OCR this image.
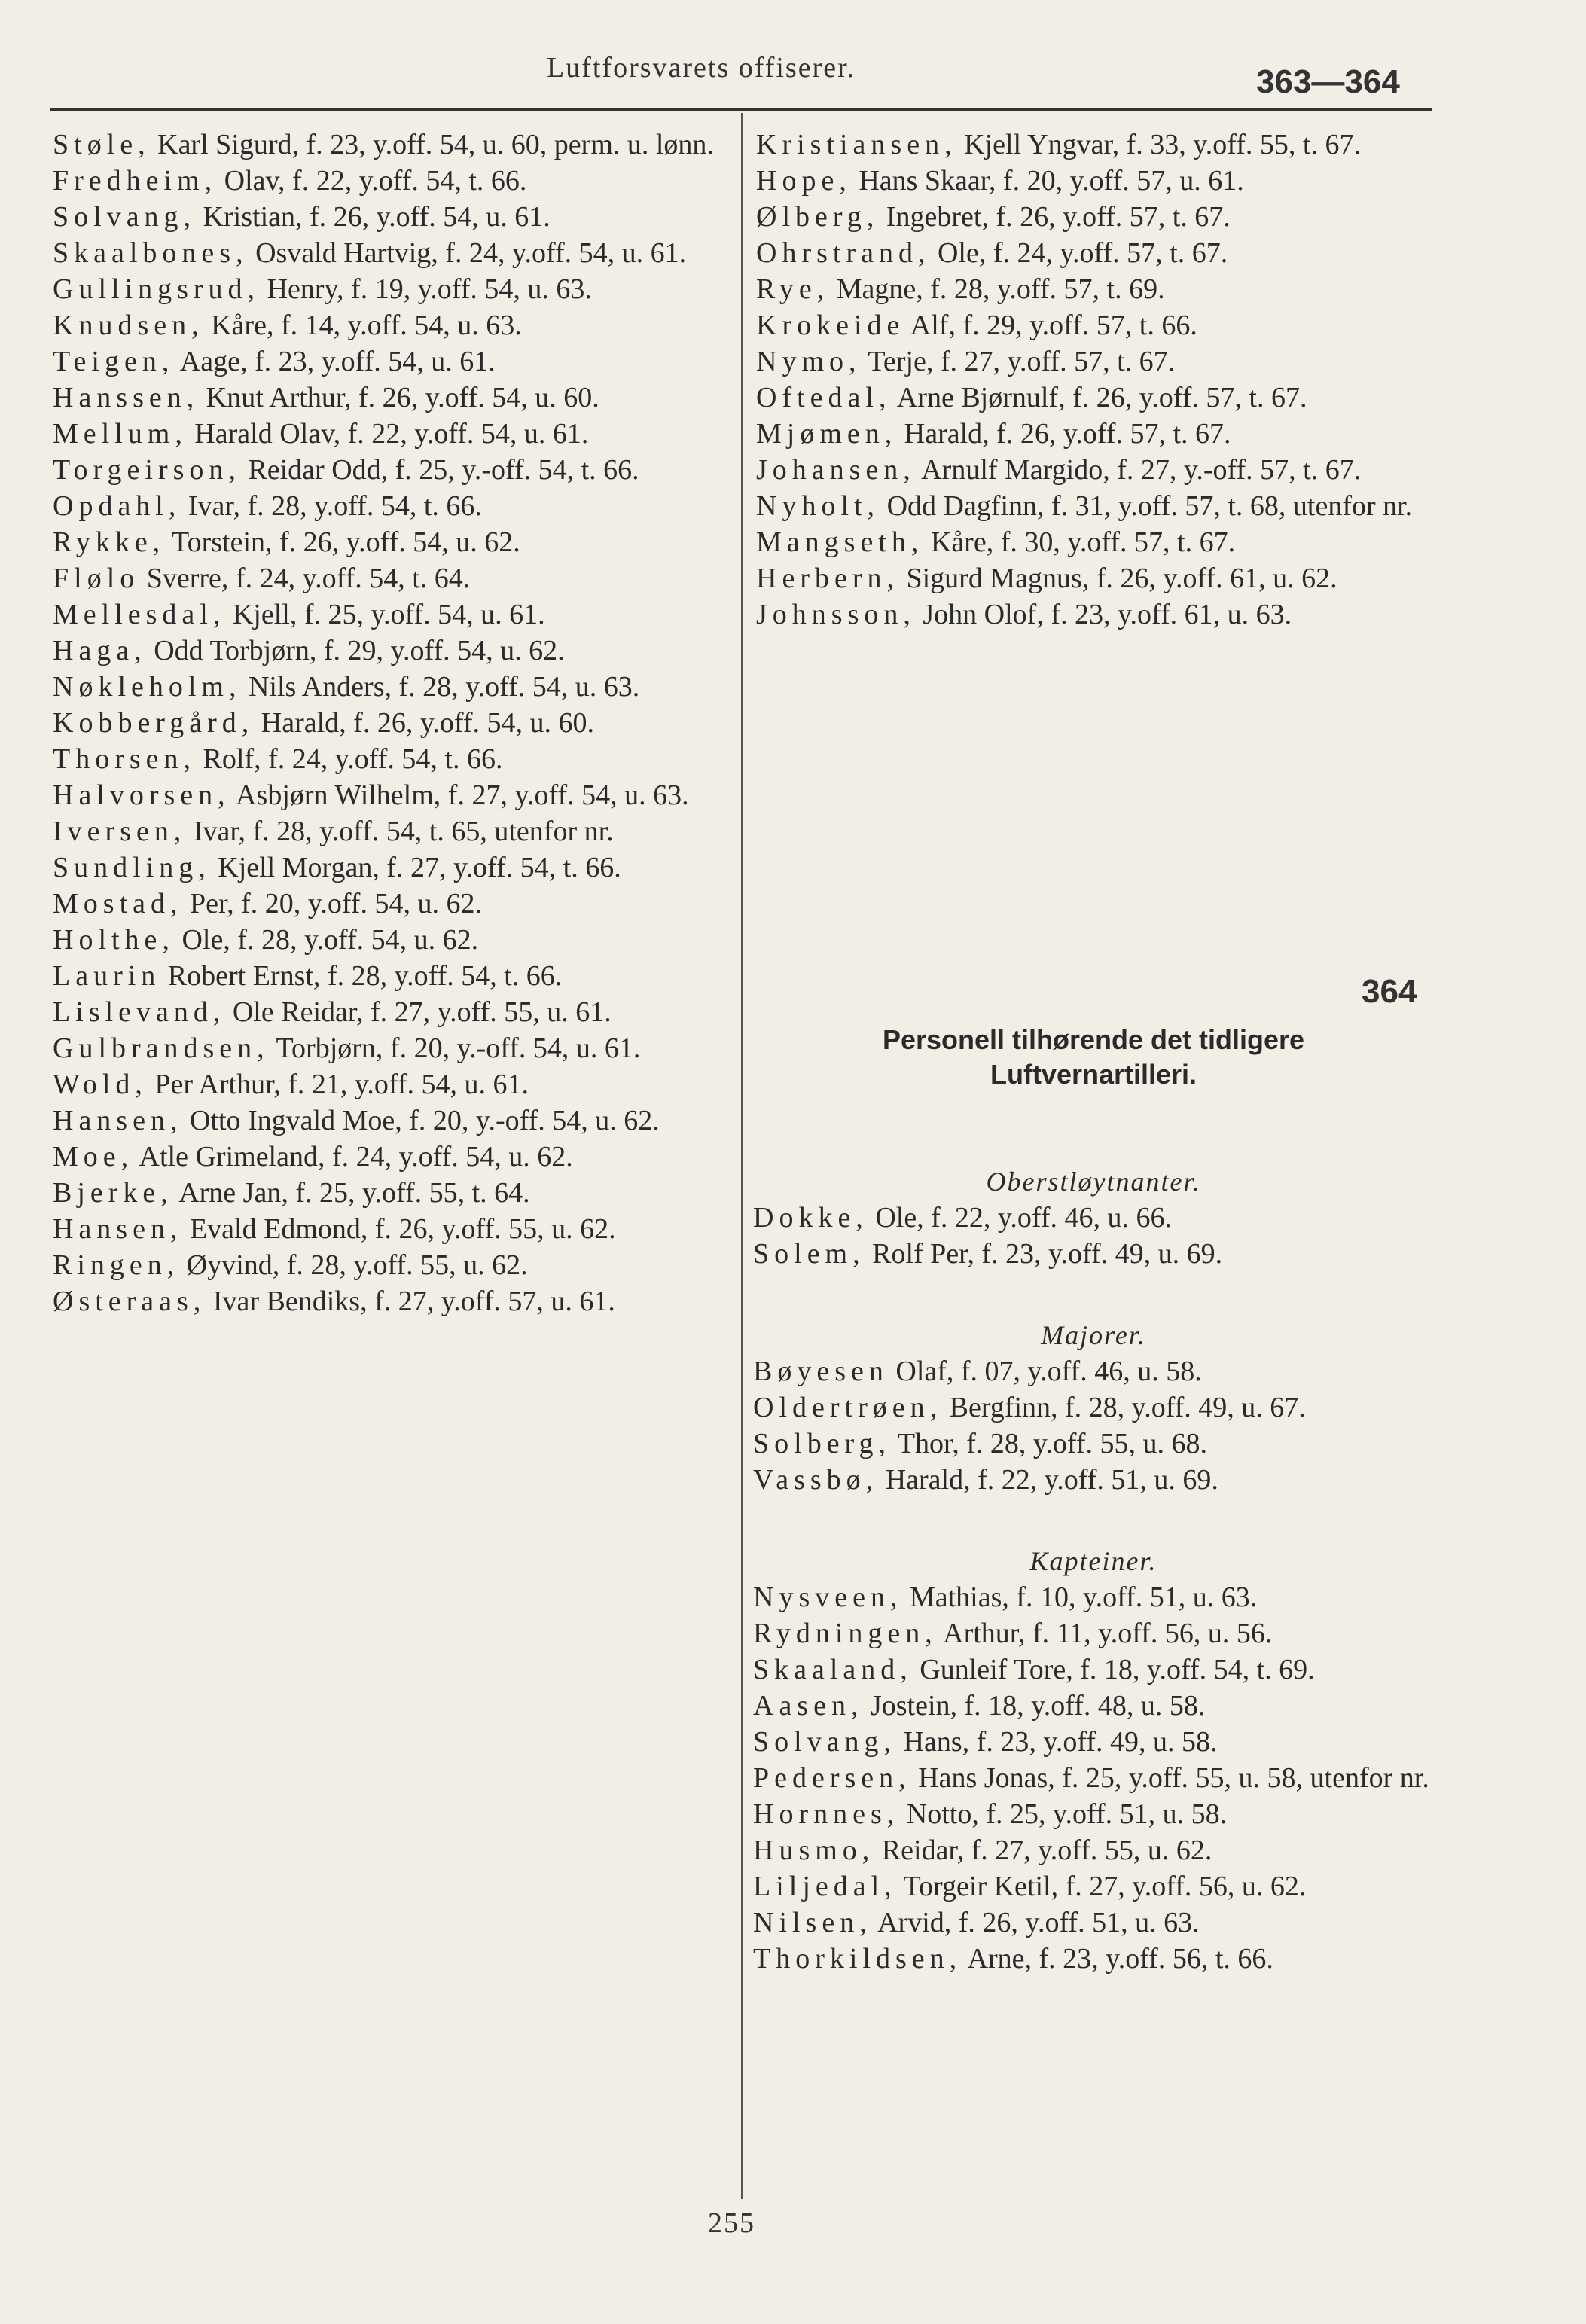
Luftforsvarets offiserer.	363—364
Støle, Karl Sigurd, f. 23, y.off. 54, u. 60, perm. u. lønn.
Fredheim, Olav, f. 22, y.off. 54, t. 66.
Solvang, Kristian, f. 26, y.off. 54, u. 61.
Skaalbones, Osvald Hartvig, f. 24, y.off. 54, u. 61.
Gullingsrud, Henry, f. 19, y.off. 54, u. 63.
Knudsen, Kåre, f. 14, y.off. 54, u. 63.
Teigen, Aage, f. 23, y.off. 54, u. 61.
Hanssen, Knut Arthur, f. 26, y.off. 54, u. 60.
Mellum, Harald Olav, f. 22, y.off. 54, u. 61.
Torgeirson, Reidar Odd, f. 25, y.-off. 54, t. 66.
Opdahl, Ivar, f. 28, y.off. 54, t. 66.
Rykke, Torstein, f. 26, y.off. 54, u. 62.
Flølo Sverre, f. 24, y.off. 54, t. 64.
Mellesdal, Kjell, f. 25, y.off. 54, u. 61.
Haga, Odd Torbjørn, f. 29, y.off. 54, u. 62.
Nøkleholm, Nils Anders, f. 28, y.off. 54, u. 63.
Kobbergård, Harald, f. 26, y.off. 54, u. 60.
Thorsen, Rolf, f. 24, y.off. 54, t. 66.
Halvorsen, Asbjørn Wilhelm, f. 27, y.off. 54, u. 63.
Iversen, Ivar, f. 28, y.off. 54, t. 65, utenfor nr.
Sundling, Kjell Morgan, f. 27, y.off. 54, t. 66.
Mostad, Per, f. 20, y.off. 54, u. 62.
Holthe, Ole, f. 28, y.off. 54, u. 62.
Laurin Robert Ernst, f. 28, y.off. 54, t. 66.
Lislevand, Ole Reidar, f. 27, y.off. 55, u. 61.
Gulbrandsen, Torbjørn, f. 20, y.-off. 54, u. 61.
Wold, Per Arthur, f. 21, y.off. 54, u. 61.
Hansen, Otto Ingvald Moe, f. 20, y.-off. 54, u. 62.
Moe, Atle Grimeland, f. 24, y.off. 54, u. 62.
Bjerke, Arne Jan, f. 25, y.off. 55, t. 64.
Hansen, Evald Edmond, f. 26, y.off. 55, u. 62.
Ringen, Øyvind, f. 28, y.off. 55, u. 62.
Østeraas, Ivar Bendiks, f. 27, y.off. 57, u. 61.
Kristiansen, Kjell Yngvar, f. 33, y.off. 55, t. 67.
Hope, Hans Skaar, f. 20, y.off. 57, u. 61.
Ølberg, Ingebret, f. 26, y.off. 57, t. 67.
Ohrstrand, Ole, f. 24, y.off. 57, t. 67.
Rye, Magne, f. 28, y.off. 57, t. 69.
Krokeide Alf, f. 29, y.off. 57, t. 66.
Nymo, Terje, f. 27, y.off. 57, t. 67.
Oftedal, Arne Bjørnulf, f. 26, y.off. 57, t. 67.
Mjømen, Harald, f. 26, y.off. 57, t. 67.
Johansen, Arnulf Margido, f. 27, y.-off. 57, t. 67.
Nyholt, Odd Dagfinn, f. 31, y.off. 57, t. 68, utenfor nr.
Mangseth, Kåre, f. 30, y.off. 57, t. 67.
Herbern, Sigurd Magnus, f. 26, y.off. 61, u. 62.
Johnsson, John Olof, f. 23, y.off. 61, u. 63.
364
Personell tilhørende det tidligere
Luftvernartilleri.
Oberstløytnanter.
Dokke, Ole, f. 22, y.off. 46, u. 66.
Solem, Rolf Per, f. 23, y.off. 49, u. 69.
Majorer.
Bøyesen Olaf, f. 07, y.off. 46, u. 58.
Oldertrøen, Bergfinn, f. 28, y.off. 49, u. 67.
Solberg, Thor, f. 28, y.off. 55, u. 68.
Vassbø, Harald, f. 22, y.off. 51, u. 69.
Kapteiner.
Nysveen, Mathias, f. 10, y.off. 51, u. 63.
Rydningen, Arthur, f. 11, y.off. 56, u. 56.
Skaaland, Gunleif Tore, f. 18, y.off. 54, t. 69.
Aasen, Jostein, f. 18, y.off. 48, u. 58.
Solvang, Hans, f. 23, y.off. 49, u. 58.
Pedersen, Hans Jonas, f. 25, y.off. 55, u. 58, utenfor nr.
Hornnes, Notto, f. 25, y.off. 51, u. 58.
Husmo, Reidar, f. 27, y.off. 55, u. 62.
Liljedal, Torgeir Ketil, f. 27, y.off. 56, u. 62.
Nilsen, Arvid, f. 26, y.off. 51, u. 63.
Thorkildsen, Arne, f. 23, y.off. 56, t. 66.
255
